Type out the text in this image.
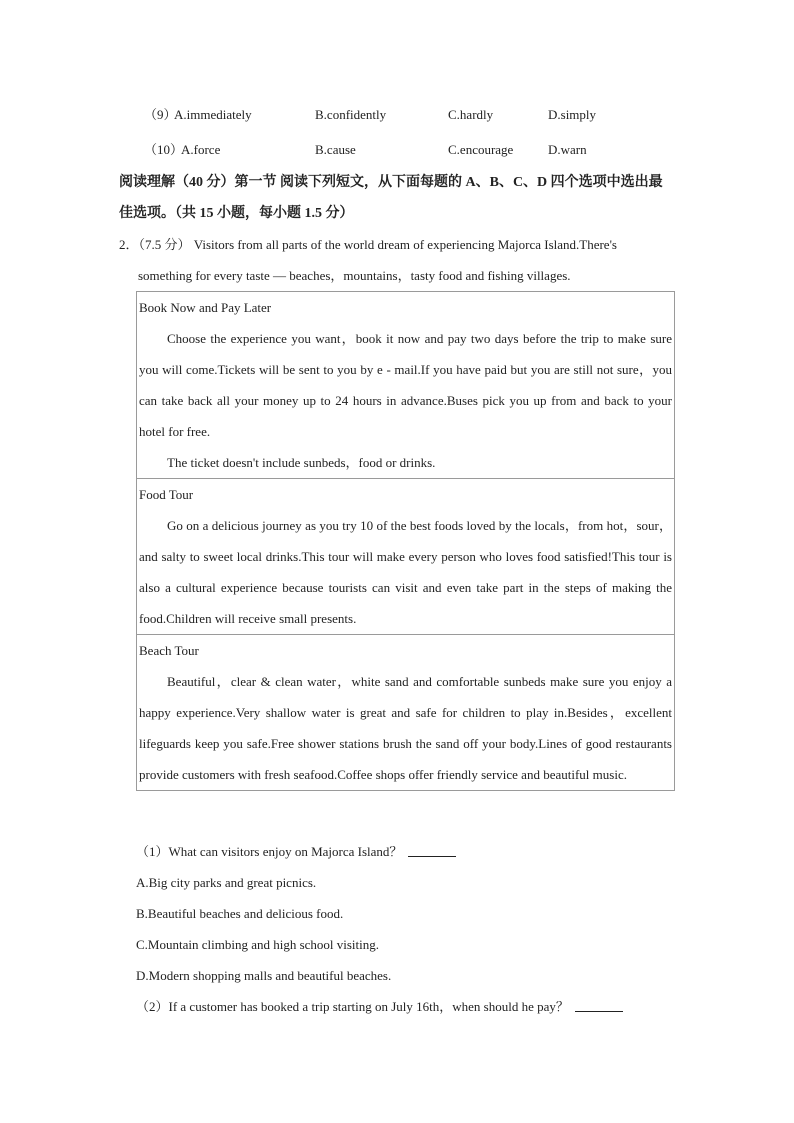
（9）
A.immediately	B.confidently	C.hardly	D.simply
（10）
A.force	B.cause	C.encourage	D.warn
阅读理解（40 分）第一节 阅读下列短文，从下面每题的 A、B、C、D 四个选项中选出最佳选项。（共 15 小题，每小题 1.5 分）
2．（7.5 分） Visitors from all parts of the world dream of experiencing Majorca Island.There's
something for every taste — beaches，mountains，tasty food and fishing villages.
Book Now and Pay Later
Choose the experience you want，book it now and pay two days before the trip to make sure you will come.Tickets will be sent to you by e - mail.If you have paid but you are still not sure，you can take back all your money up to 24 hours in advance.Buses pick you up from and back to your hotel for free.
The ticket doesn't include sunbeds，food or drinks.
Food Tour
Go on a delicious journey as you try 10 of the best foods loved by the locals，from hot，sour，and salty to sweet local drinks.This tour will make every person who loves food satisfied!This tour is also a cultural experience because tourists can visit and even take part in the steps of making the food.Children will receive small presents.
Beach Tour
Beautiful，clear & clean water，white sand and comfortable sunbeds make sure you enjoy a happy experience.Very shallow water is great and safe for children to play in.Besides，excellent lifeguards keep you safe.Free shower stations brush the sand off your body.Lines of good restaurants provide customers with fresh seafood.Coffee shops offer friendly service and beautiful music.
（1）What can visitors enjoy on Majorca Island？
A.Big city parks and great picnics.
B.Beautiful beaches and delicious food.
C.Mountain climbing and high school visiting.
D.Modern shopping malls and beautiful beaches.
（2）If a customer has booked a trip starting on July 16th，when should he pay？
